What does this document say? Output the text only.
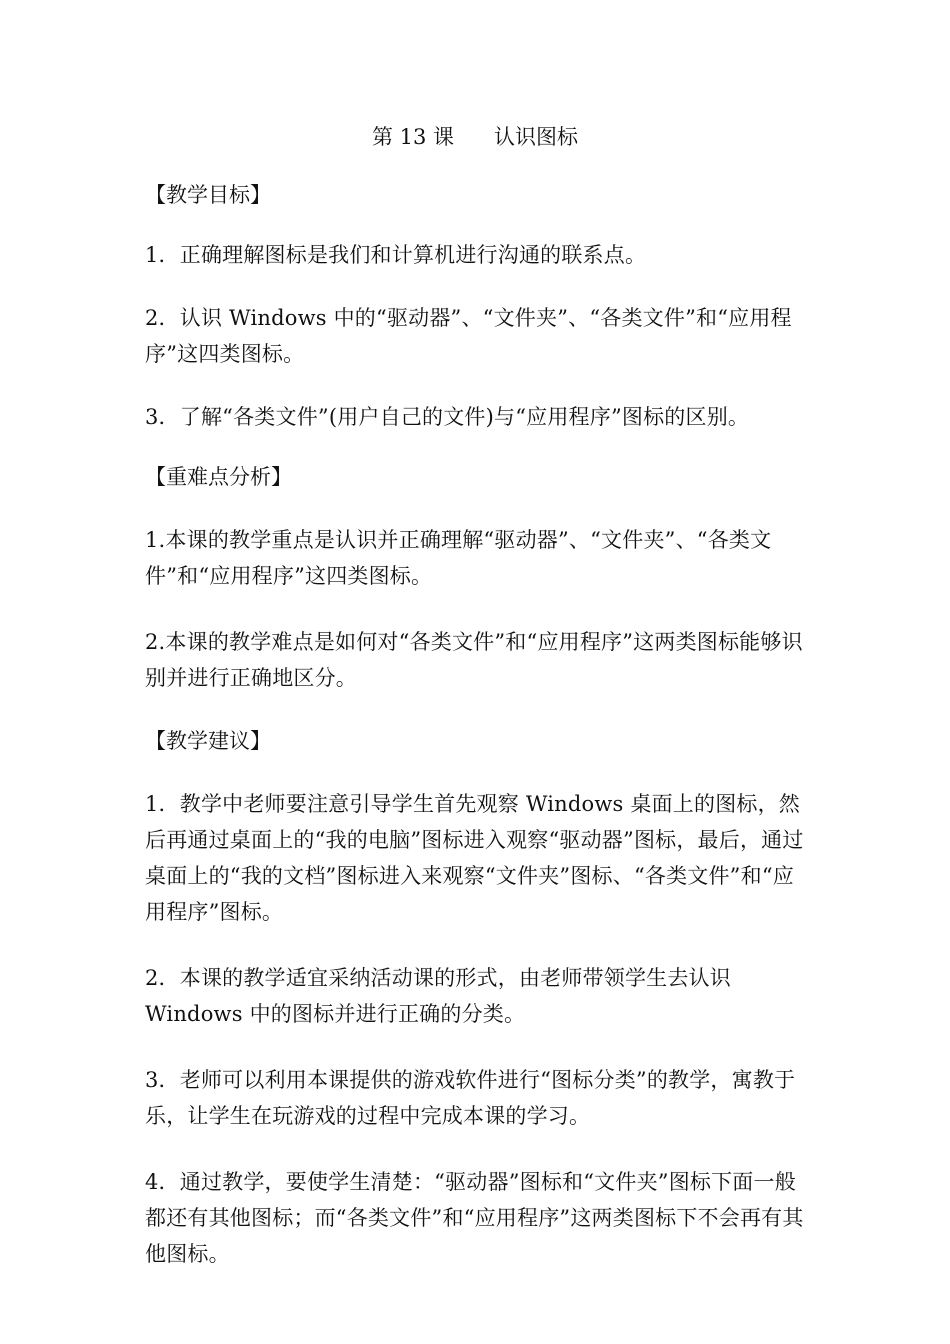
第 13 课      认识图标

【教学目标】

1．正确理解图标是我们和计算机进行沟通的联系点。

2．认识 Windows 中的“驱动器”、“文件夹”、“各类文件”和“应用程序”这四类图标。

3．了解“各类文件”(用户自己的文件)与“应用程序”图标的区别。

【重难点分析】

1.本课的教学重点是认识并正确理解“驱动器”、“文件夹”、“各类文件”和“应用程序”这四类图标。

2.本课的教学难点是如何对“各类文件”和“应用程序”这两类图标能够识别并进行正确地区分。

【教学建议】

1．教学中老师要注意引导学生首先观察 Windows 桌面上的图标，然后再通过桌面上的“我的电脑”图标进入观察“驱动器”图标，最后，通过桌面上的“我的文档”图标进入来观察“文件夹”图标、“各类文件”和“应用程序”图标。

2．本课的教学适宜采纳活动课的形式，由老师带领学生去认识 Windows 中的图标并进行正确的分类。

3．老师可以利用本课提供的游戏软件进行“图标分类”的教学，寓教于乐，让学生在玩游戏的过程中完成本课的学习。

4．通过教学，要使学生清楚：“驱动器”图标和“文件夹”图标下面一般都还有其他图标；而“各类文件”和“应用程序”这两类图标下不会再有其他图标。
